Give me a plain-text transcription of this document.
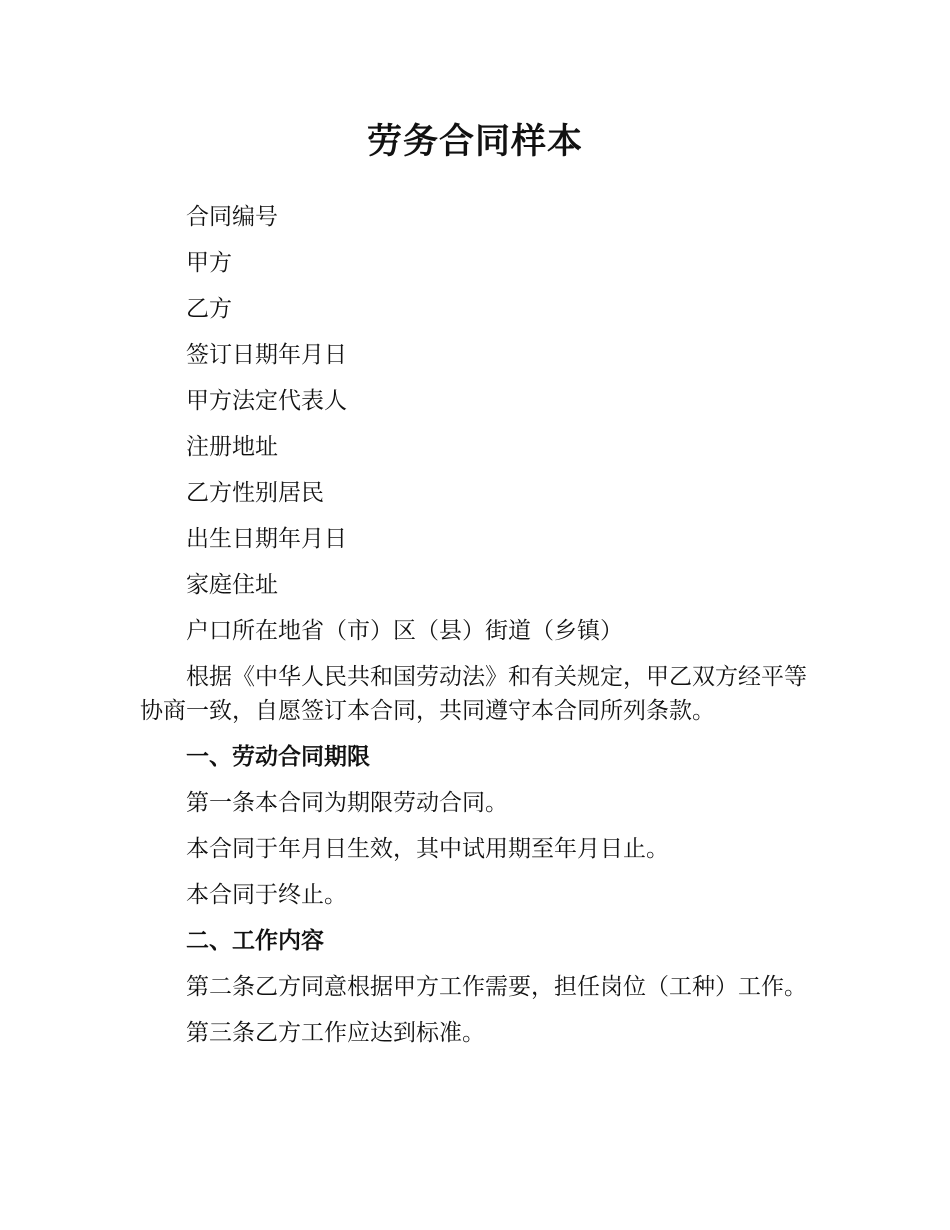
劳务合同样本

合同编号

甲方

乙方

签订日期年月日

甲方法定代表人

注册地址

乙方性别居民

出生日期年月日

家庭住址

户口所在地省（市）区（县）街道（乡镇）

根据《中华人民共和国劳动法》和有关规定，甲乙双方经平等协商一致，自愿签订本合同，共同遵守本合同所列条款。

一、劳动合同期限

第一条本合同为期限劳动合同。

本合同于年月日生效，其中试用期至年月日止。

本合同于终止。

二、工作内容

第二条乙方同意根据甲方工作需要，担任岗位（工种）工作。

第三条乙方工作应达到标准。
